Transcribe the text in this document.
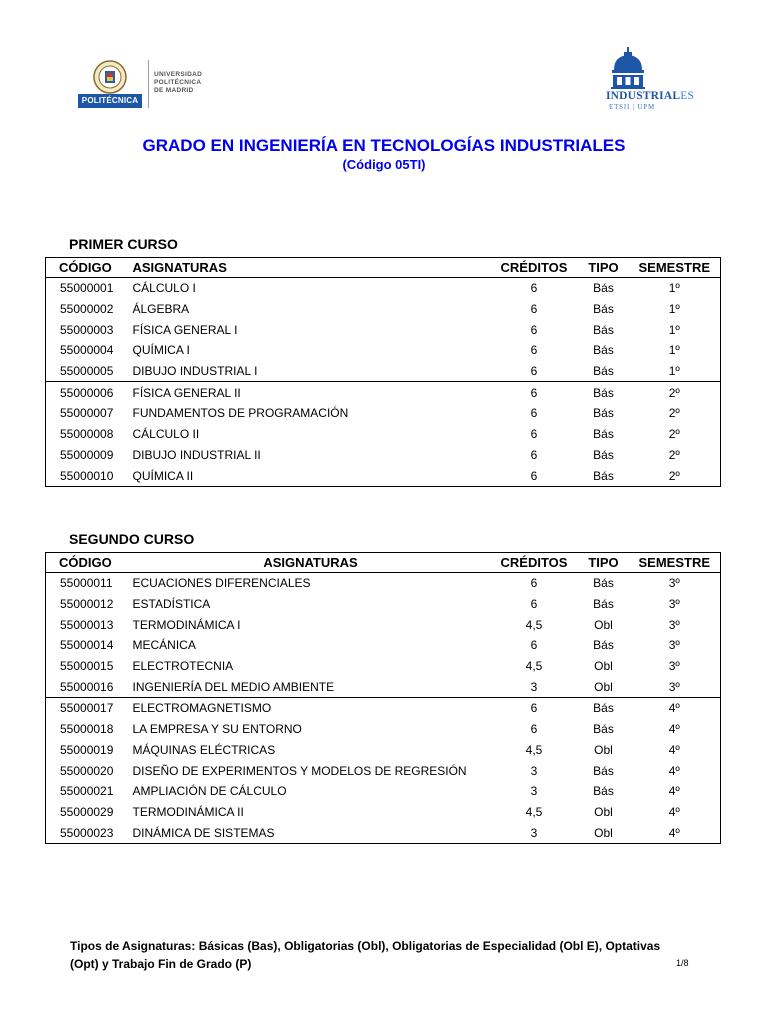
POLITÉCNICA
UNIVERSIDAD
POLITÉCNICA
DE MADRID	INDUSTRIALES
ETSII | UPM
GRADO EN INGENIERÍA EN TECNOLOGÍAS INDUSTRIALES
(Código 05TI)
PRIMER CURSO
CÓDIGO	ASIGNATURAS	CRÉDITOS	TIPO	SEMESTRE
55000001	CÁLCULO I	6	Bás	1º
55000002	ÁLGEBRA	6	Bás	1º
55000003	FÍSICA GENERAL I	6	Bás	1º
55000004	QUÍMICA I	6	Bás	1º
55000005	DIBUJO INDUSTRIAL I	6	Bás	1º
55000006	FÍSICA GENERAL II	6	Bás	2º
55000007	FUNDAMENTOS DE PROGRAMACIÓN	6	Bás	2º
55000008	CÁLCULO II	6	Bás	2º
55000009	DIBUJO INDUSTRIAL II	6	Bás	2º
55000010	QUÍMICA II	6	Bás	2º
SEGUNDO CURSO
CÓDIGO	ASIGNATURAS	CRÉDITOS	TIPO	SEMESTRE
55000011	ECUACIONES DIFERENCIALES	6	Bás	3º
55000012	ESTADÍSTICA	6	Bás	3º
55000013	TERMODINÁMICA I	4,5	Obl	3º
55000014	MECÁNICA	6	Bás	3º
55000015	ELECTROTECNIA	4,5	Obl	3º
55000016	INGENIERÍA DEL MEDIO AMBIENTE	3	Obl	3º
55000017	ELECTROMAGNETISMO	6	Bás	4º
55000018	LA EMPRESA Y SU ENTORNO	6	Bás	4º
55000019	MÁQUINAS ELÉCTRICAS	4,5	Obl	4º
55000020	DISEÑO DE EXPERIMENTOS Y MODELOS DE REGRESIÓN	3	Bás	4º
55000021	AMPLIACIÓN DE CÁLCULO	3	Bás	4º
55000029	TERMODINÁMICA II	4,5	Obl	4º
55000023	DINÁMICA DE SISTEMAS	3	Obl	4º
Tipos de Asignaturas: Básicas (Bas), Obligatorias (Obl), Obligatorias de Especialidad (Obl E), Optativas
(Opt) y Trabajo Fin de Grado (P)	1/8
